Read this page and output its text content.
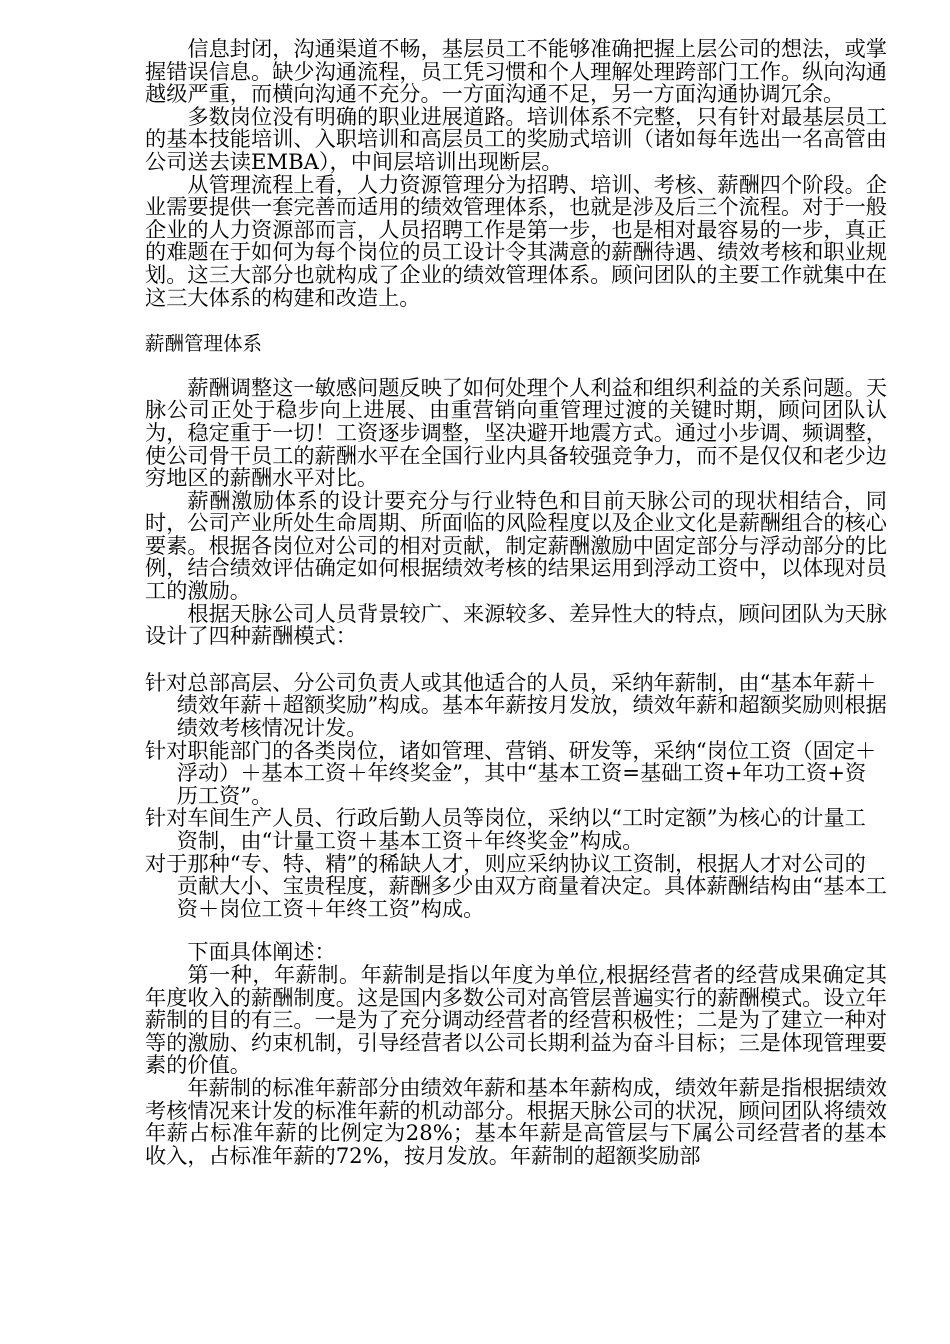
信息封闭，沟通渠道不畅，基层员工不能够准确把握上层公司的想法，或掌握错误信息。缺少沟通流程，员工凭习惯和个人理解处理跨部门工作。纵向沟通越级严重，而横向沟通不充分。一方面沟通不足，另一方面沟通协调冗余。

多数岗位没有明确的职业进展道路。培训体系不完整，只有针对最基层员工的基本技能培训、入职培训和高层员工的奖励式培训（诸如每年选出一名高管由公司送去读EMBA），中间层培训出现断层。

从管理流程上看，人力资源管理分为招聘、培训、考核、薪酬四个阶段。企业需要提供一套完善而适用的绩效管理体系，也就是涉及后三个流程。对于一般企业的人力资源部而言，人员招聘工作是第一步，也是相对最容易的一步，真正的难题在于如何为每个岗位的员工设计令其满意的薪酬待遇、绩效考核和职业规划。这三大部分也就构成了企业的绩效管理体系。顾问团队的主要工作就集中在这三大体系的构建和改造上。

薪酬管理体系

薪酬调整这一敏感问题反映了如何处理个人利益和组织利益的关系问题。天脉公司正处于稳步向上进展、由重营销向重管理过渡的关键时期，顾问团队认为，稳定重于一切！工资逐步调整，坚决避开地震方式。通过小步调、频调整，使公司骨干员工的薪酬水平在全国行业内具备较强竞争力，而不是仅仅和老少边穷地区的薪酬水平对比。

薪酬激励体系的设计要充分与行业特色和目前天脉公司的现状相结合，同时，公司产业所处生命周期、所面临的风险程度以及企业文化是薪酬组合的核心要素。根据各岗位对公司的相对贡献，制定薪酬激励中固定部分与浮动部分的比例，结合绩效评估确定如何根据绩效考核的结果运用到浮动工资中，以体现对员工的激励。

根据天脉公司人员背景较广、来源较多、差异性大的特点，顾问团队为天脉设计了四种薪酬模式：

针对总部高层、分公司负责人或其他适合的人员，采纳年薪制，由“基本年薪＋绩效年薪＋超额奖励”构成。基本年薪按月发放，绩效年薪和超额奖励则根据绩效考核情况计发。
针对职能部门的各类岗位，诸如管理、营销、研发等，采纳“岗位工资（固定＋浮动）＋基本工资＋年终奖金”，其中“基本工资=基础工资+年功工资+资历工资”。
针对车间生产人员、行政后勤人员等岗位，采纳以“工时定额”为核心的计量工资制，由“计量工资＋基本工资＋年终奖金”构成。
对于那种“专、特、精”的稀缺人才，则应采纳协议工资制，根据人才对公司的贡献大小、宝贵程度，薪酬多少由双方商量着决定。具体薪酬结构由“基本工资＋岗位工资＋年终工资”构成。

下面具体阐述：

第一种，年薪制。年薪制是指以年度为单位,根据经营者的经营成果确定其年度收入的薪酬制度。这是国内多数公司对高管层普遍实行的薪酬模式。设立年薪制的目的有三。一是为了充分调动经营者的经营积极性；二是为了建立一种对等的激励、约束机制，引导经营者以公司长期利益为奋斗目标；三是体现管理要素的价值。

年薪制的标准年薪部分由绩效年薪和基本年薪构成，绩效年薪是指根据绩效考核情况来计发的标准年薪的机动部分。根据天脉公司的状况，顾问团队将绩效年薪占标准年薪的比例定为28%；基本年薪是高管层与下属公司经营者的基本收入，占标准年薪的72%，按月发放。年薪制的超额奖励部
